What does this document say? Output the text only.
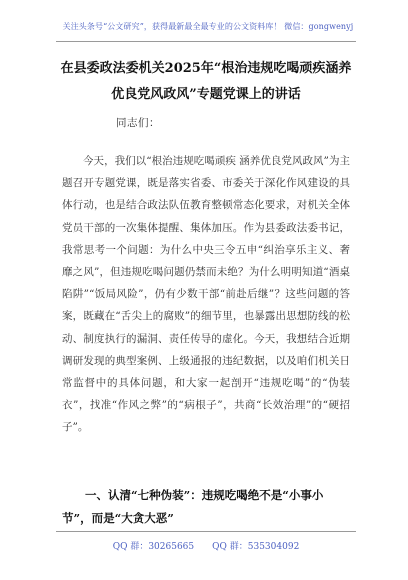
关注头条号“公文研究”，获得最新最全最专业的公文资料库！ 微信：gongwenyj
在县委政法委机关2025年“根治违规吃喝顽疾涵养优良党风政风”专题党课上的讲话
同志们：

今天，我们以“根治违规吃喝顽疾 涵养优良党风政风”为主题召开专题党课，既是落实省委、市委关于深化作风建设的具体行动，也是结合政法队伍教育整顿常态化要求，对机关全体党员干部的一次集体提醒、集体加压。作为县委政法委书记，我常思考一个问题：为什么中央三令五申“纠治享乐主义、奢靡之风”，但违规吃喝问题仍禁而未绝？为什么明明知道“酒桌陷阱”“饭局风险”，仍有少数干部“前赴后继”？这些问题的答案，既藏在“舌尖上的腐败”的细节里，也暴露出思想防线的松动、制度执行的漏洞、责任传导的虚化。今天，我想结合近期调研发现的典型案例、上级通报的违纪数据，以及咱们机关日常监督中的具体问题，和大家一起剖开“违规吃喝”的“伪装衣”，找准“作风之弊”的“病根子”，共商“长效治理”的“硬招子”。

一、认清“七种伪装”：违规吃喝绝不是“小事小节”，而是“大贪大恶”
QQ 群：30265665 QQ 群：535304092
